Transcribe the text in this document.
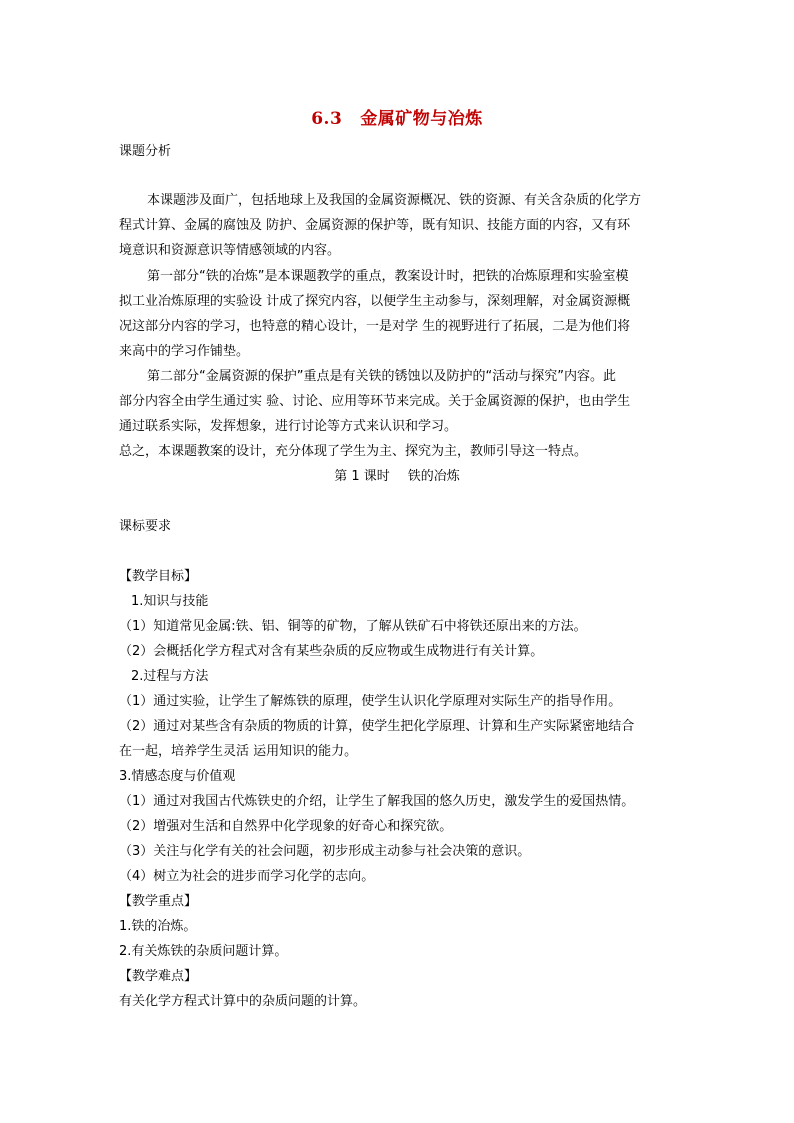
6.3 金属矿物与冶炼
课题分析
本课题涉及面广，包括地球上及我国的金属资源概况、铁的资源、有关含杂质的化学方
程式计算、金属的腐蚀及 防护、金属资源的保护等，既有知识、技能方面的内容，又有环
境意识和资源意识等情感领域的内容。
第一部分“铁的冶炼”是本课题教学的重点，教案设计时，把铁的冶炼原理和实验室模
拟工业冶炼原理的实验设 计成了探究内容，以便学生主动参与，深刻理解，对金属资源概
况这部分内容的学习，也特意的精心设计，一是对学 生的视野进行了拓展，二是为他们将
来高中的学习作铺垫。
第二部分“金属资源的保护”重点是有关铁的锈蚀以及防护的“活动与探究”内容。此
部分内容全由学生通过实 验、讨论、应用等环节来完成。关于金属资源的保护，也由学生
通过联系实际，发挥想象，进行讨论等方式来认识和学习。
总之，本课题教案的设计，充分体现了学生为主、探究为主，教师引导这一特点。
第 1 课时 铁的冶炼
课标要求
【教学目标】
1.知识与技能
（1）知道常见金属:铁、铝、铜等的矿物，了解从铁矿石中将铁还原出来的方法。
（2）会概括化学方程式对含有某些杂质的反应物或生成物进行有关计算。
2.过程与方法
（1）通过实验，让学生了解炼铁的原理，使学生认识化学原理对实际生产的指导作用。
（2）通过对某些含有杂质的物质的计算，使学生把化学原理、计算和生产实际紧密地结合
在一起，培养学生灵活 运用知识的能力。
3.情感态度与价值观
（1）通过对我国古代炼铁史的介绍，让学生了解我国的悠久历史，激发学生的爱国热情。
（2）增强对生活和自然界中化学现象的好奇心和探究欲。
（3）关注与化学有关的社会问题，初步形成主动参与社会决策的意识。
（4）树立为社会的进步而学习化学的志向。
【教学重点】
1.铁的冶炼。
2.有关炼铁的杂质问题计算。
【教学难点】
有关化学方程式计算中的杂质问题的计算。
